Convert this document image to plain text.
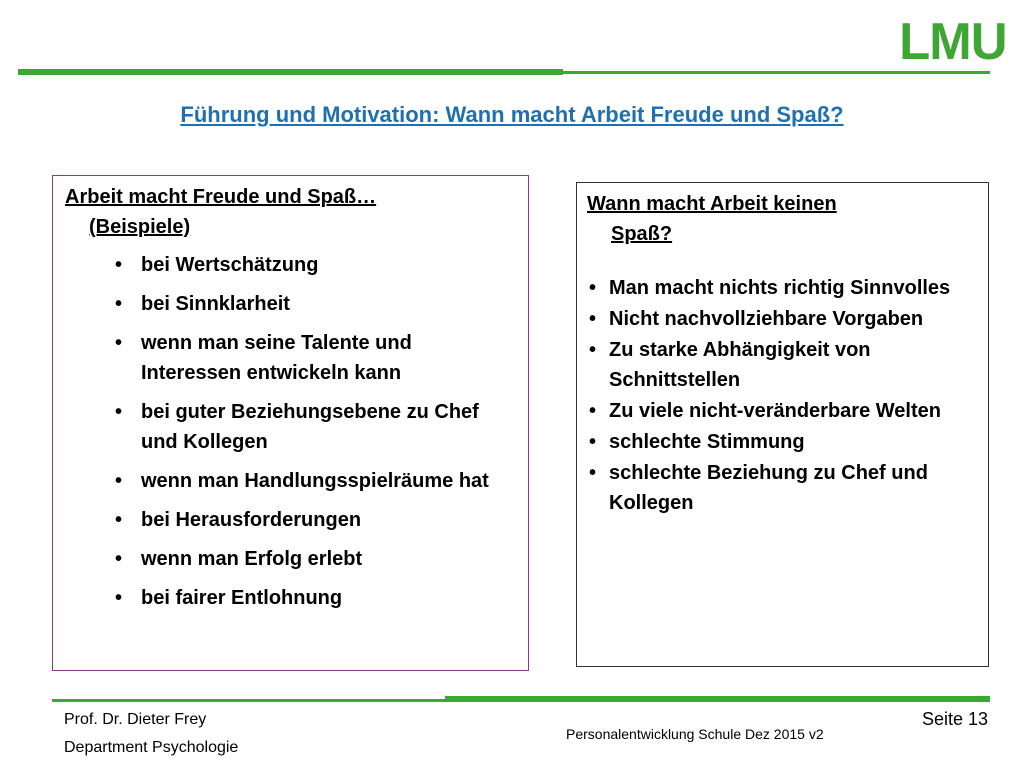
LMU
Führung und Motivation: Wann macht Arbeit Freude und Spaß?
Arbeit macht Freude und Spaß…
(Beispiele)
• bei Wertschätzung
• bei Sinnklarheit
• wenn man seine Talente und Interessen entwickeln kann
• bei guter Beziehungsebene zu Chef und Kollegen
• wenn man Handlungsspielräume hat
• bei Herausforderungen
• wenn man Erfolg erlebt
• bei fairer Entlohnung
Wann macht Arbeit keinen
Spaß?
• Man macht nichts richtig Sinnvolles
• Nicht nachvollziehbare Vorgaben
• Zu starke Abhängigkeit von Schnittstellen
• Zu viele nicht-veränderbare Welten
• schlechte Stimmung
• schlechte Beziehung zu Chef und Kollegen
Prof. Dr. Dieter Frey
Department Psychologie
Personalentwicklung Schule Dez 2015 v2
Seite 13
